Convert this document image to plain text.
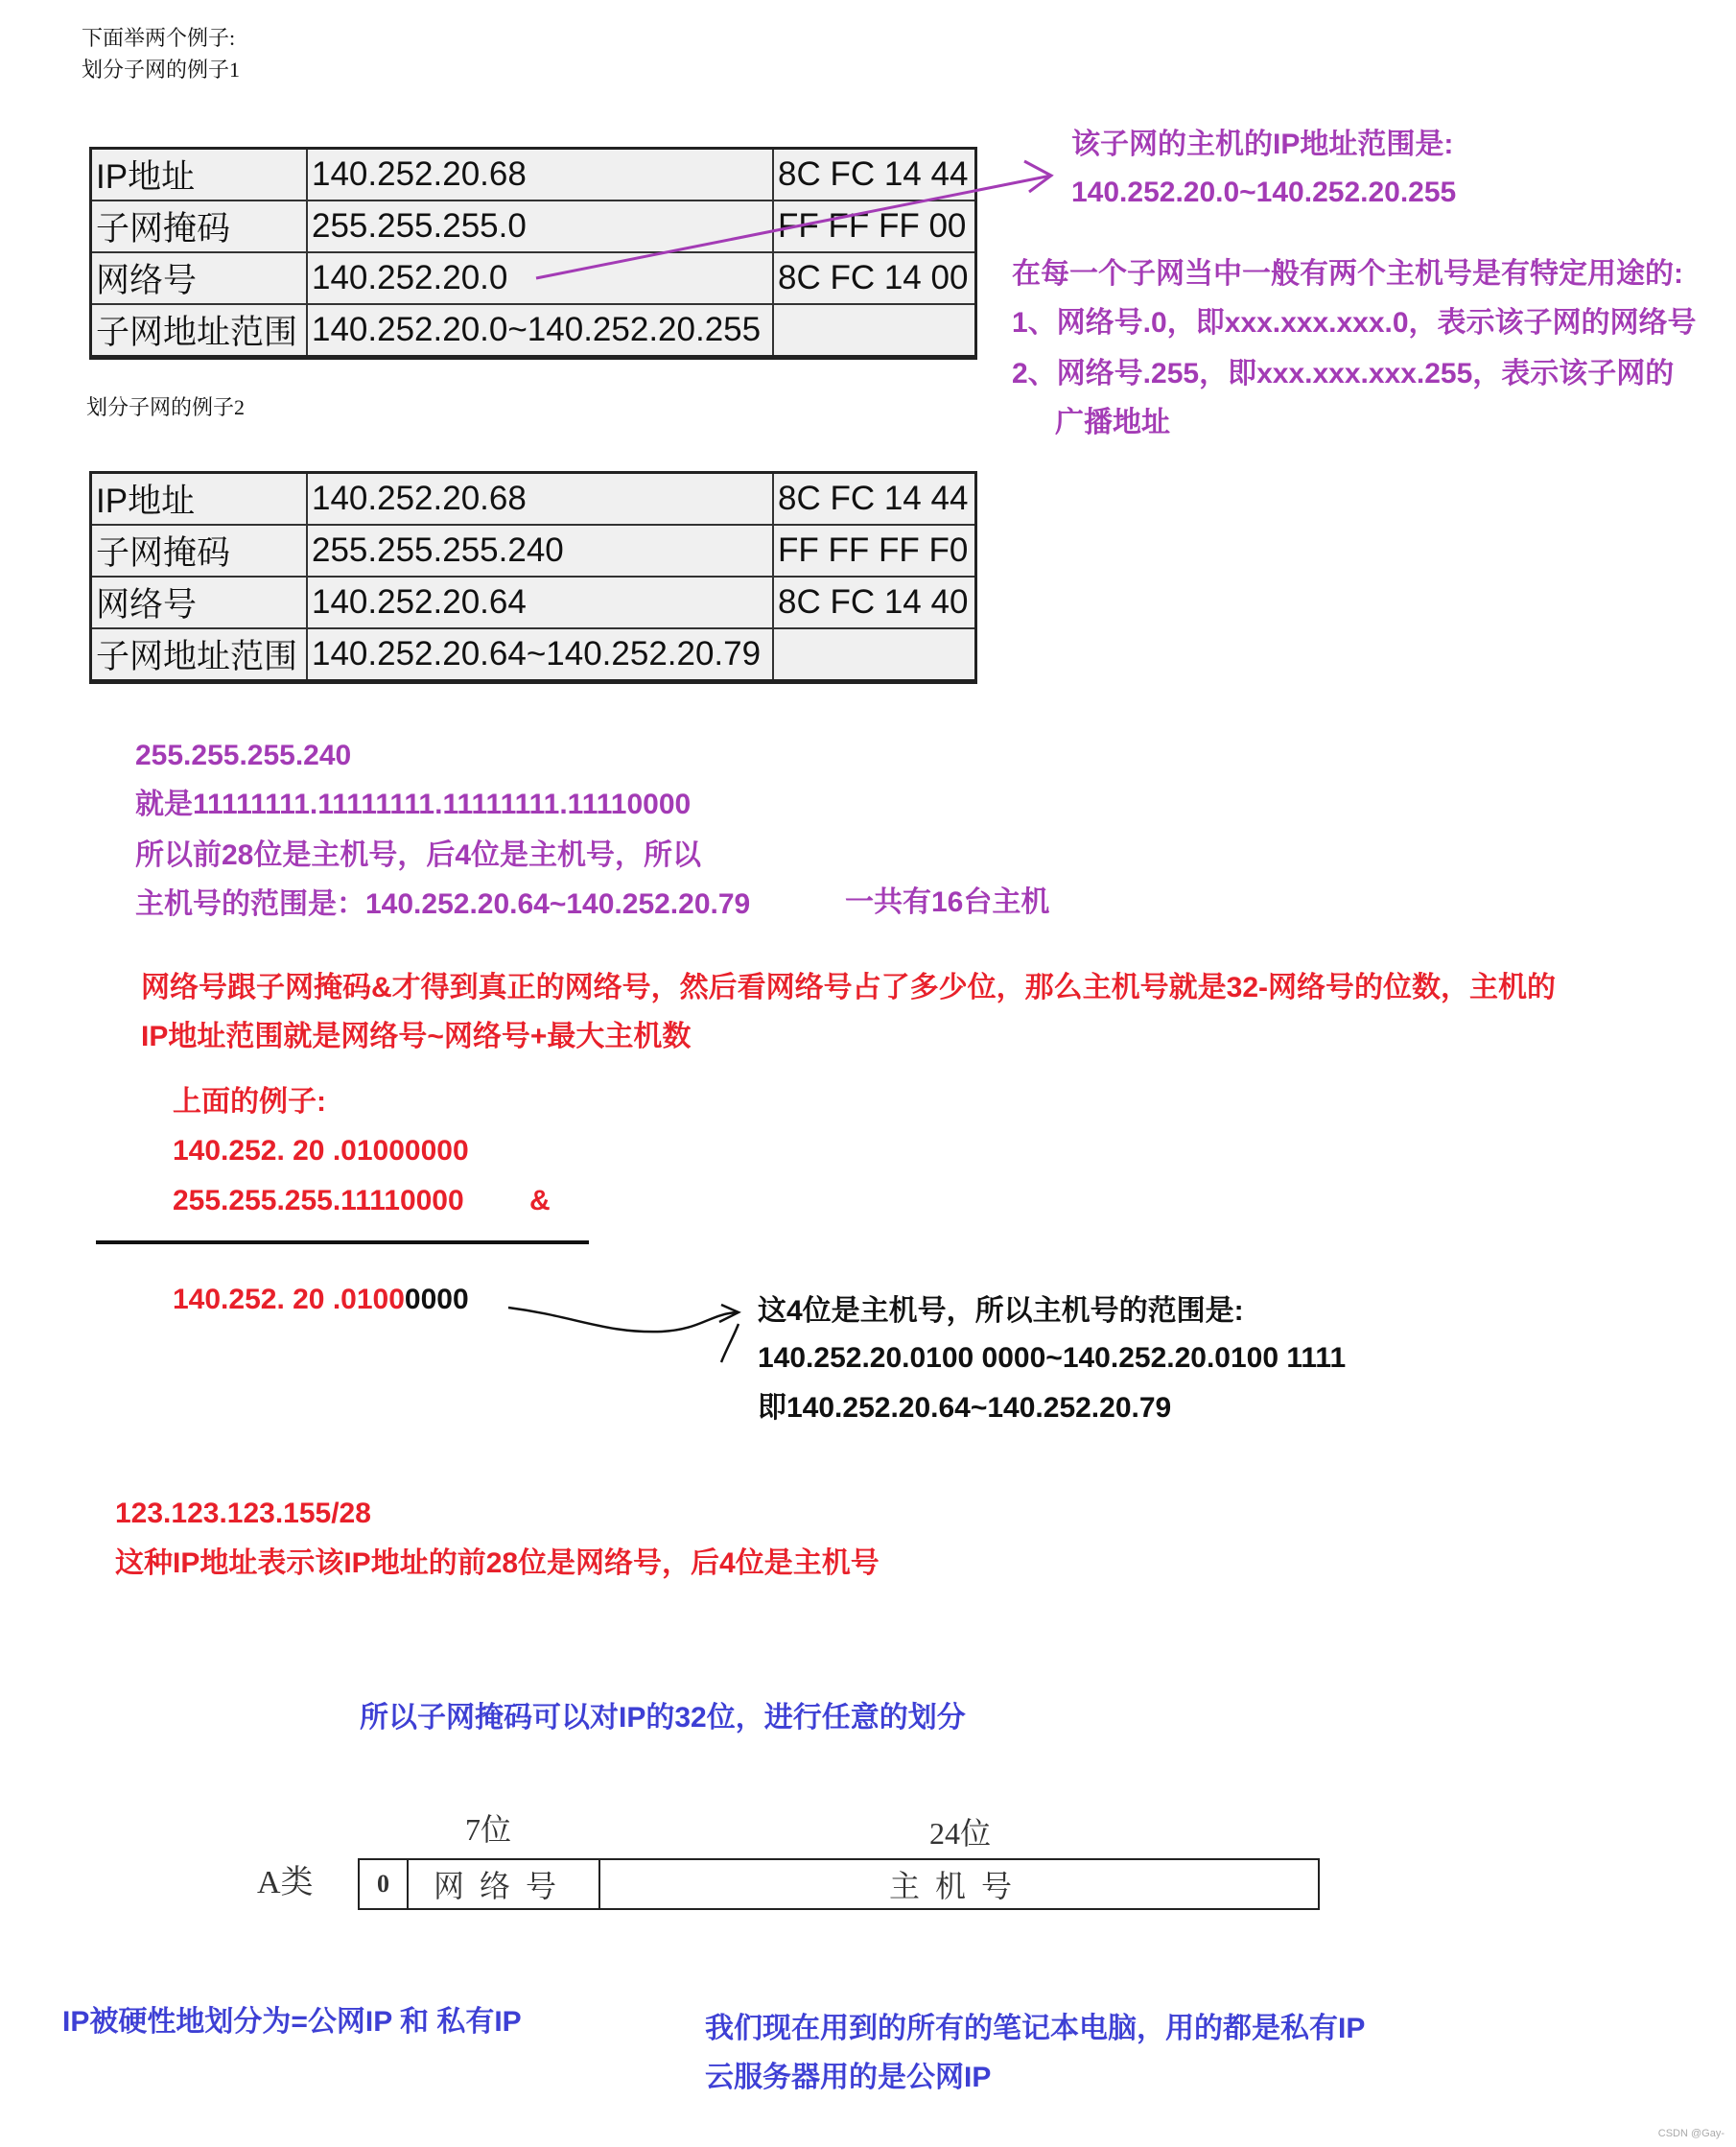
下面举两个例子:
划分子网的例子1
IP地址	140.252.20.68	8C FC 14 44
子网掩码	255.255.255.0	FF FF FF 00
网络号	140.252.20.0	8C FC 14 00
子网地址范围	140.252.20.0~140.252.20.255	
划分子网的例子2
IP地址	140.252.20.68	8C FC 14 44
子网掩码	255.255.255.240	FF FF FF F0
网络号	140.252.20.64	8C FC 14 40
子网地址范围	140.252.20.64~140.252.20.79	
该子网的主机的IP地址范围是:
140.252.20.0~140.252.20.255
在每一个子网当中一般有两个主机号是有特定用途的:
1、网络号.0，即xxx.xxx.xxx.0，表示该子网的网络号
2、网络号.255，即xxx.xxx.xxx.255，表示该子网的
广播地址
255.255.255.240
就是11111111.11111111.11111111.11110000
所以前28位是主机号，后4位是主机号，所以
主机号的范围是：140.252.20.64~140.252.20.79	一共有16台主机
网络号跟子网掩码&才得到真正的网络号，然后看网络号占了多少位，那么主机号就是32-网络号的位数，主机的
IP地址范围就是网络号~网络号+最大主机数
上面的例子:
140.252. 20 .01000000
255.255.255.11110000 &
140.252. 20 .01000000	这4位是主机号，所以主机号的范围是:
140.252.20.0100 0000~140.252.20.0100 1111
即140.252.20.64~140.252.20.79
123.123.123.155/28
这种IP地址表示该IP地址的前28位是网络号，后4位是主机号
所以子网掩码可以对IP的32位，进行任意的划分
7位	24位
A类	0	网络号	主机号
IP被硬性地划分为=公网IP 和 私有IP	我们现在用到的所有的笔记本电脑，用的都是私有IP
云服务器用的是公网IP
CSDN @Gay-
